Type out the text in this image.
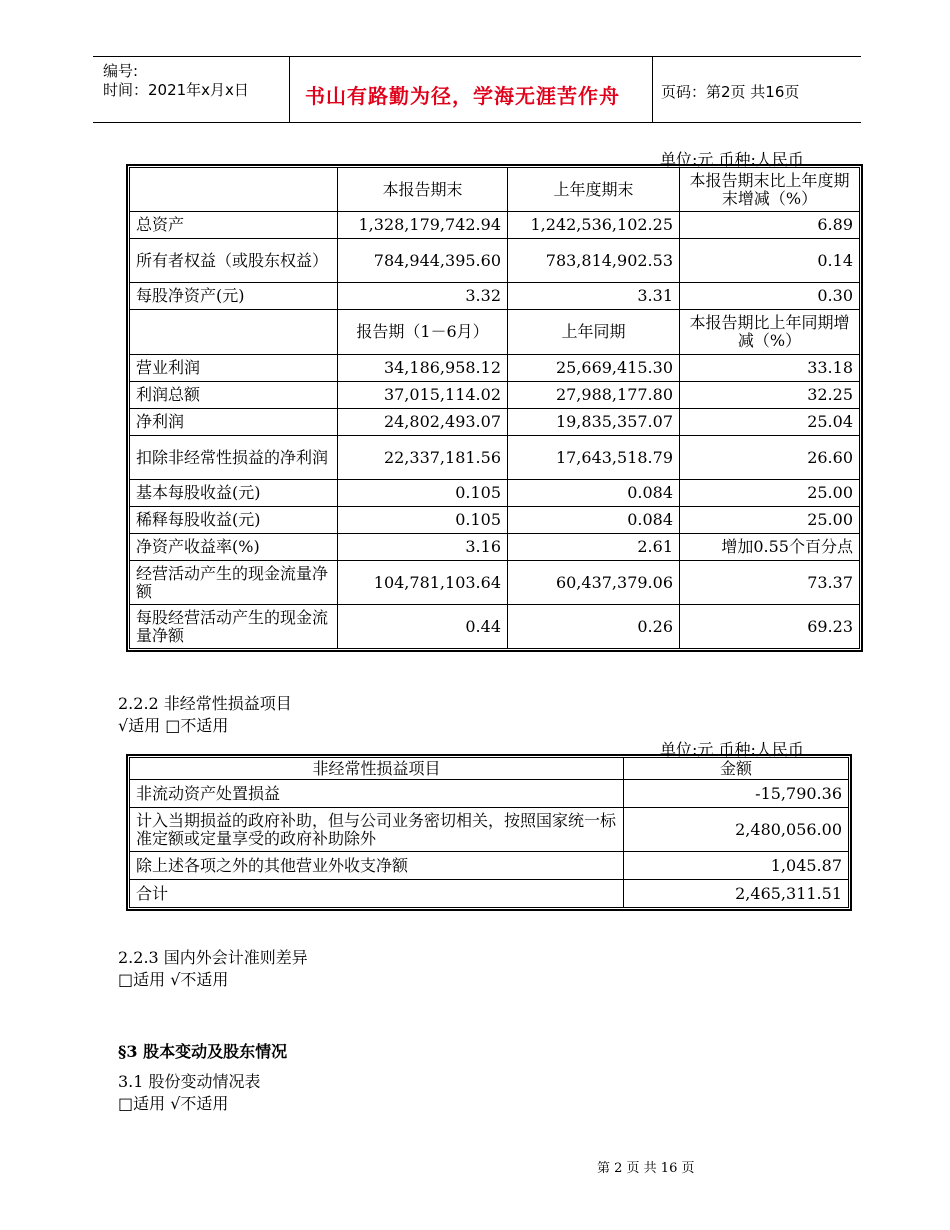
编号:
时间：2021年x月x日	书山有路勤为径，学海无涯苦作舟	页码：第2页 共16页
单位:元 币种:人民币
	本报告期末	上年度期末	本报告期末比上年度期末增减（%）
总资产	1,328,179,742.94	1,242,536,102.25	6.89
所有者权益（或股东权益）	784,944,395.60	783,814,902.53	0.14
每股净资产(元)	3.32	3.31	0.30
	报告期（1－6月）	上年同期	本报告期比上年同期增减（%）
营业利润	34,186,958.12	25,669,415.30	33.18
利润总额	37,015,114.02	27,988,177.80	32.25
净利润	24,802,493.07	19,835,357.07	25.04
扣除非经常性损益的净利润	22,337,181.56	17,643,518.79	26.60
基本每股收益(元)	0.105	0.084	25.00
稀释每股收益(元)	0.105	0.084	25.00
净资产收益率(%)	3.16	2.61	增加0.55个百分点
经营活动产生的现金流量净额	104,781,103.64	60,437,379.06	73.37
每股经营活动产生的现金流量净额	0.44	0.26	69.23
2.2.2 非经常性损益项目
√适用 □不适用
单位:元 币种:人民币
非经常性损益项目	金额
非流动资产处置损益	-15,790.36
计入当期损益的政府补助，但与公司业务密切相关，按照国家统一标准定额或定量享受的政府补助除外	2,480,056.00
除上述各项之外的其他营业外收支净额	1,045.87
合计	2,465,311.51
2.2.3 国内外会计准则差异
□适用 √不适用
§3 股本变动及股东情况
3.1 股份变动情况表
□适用 √不适用
第 2 页 共 16 页
